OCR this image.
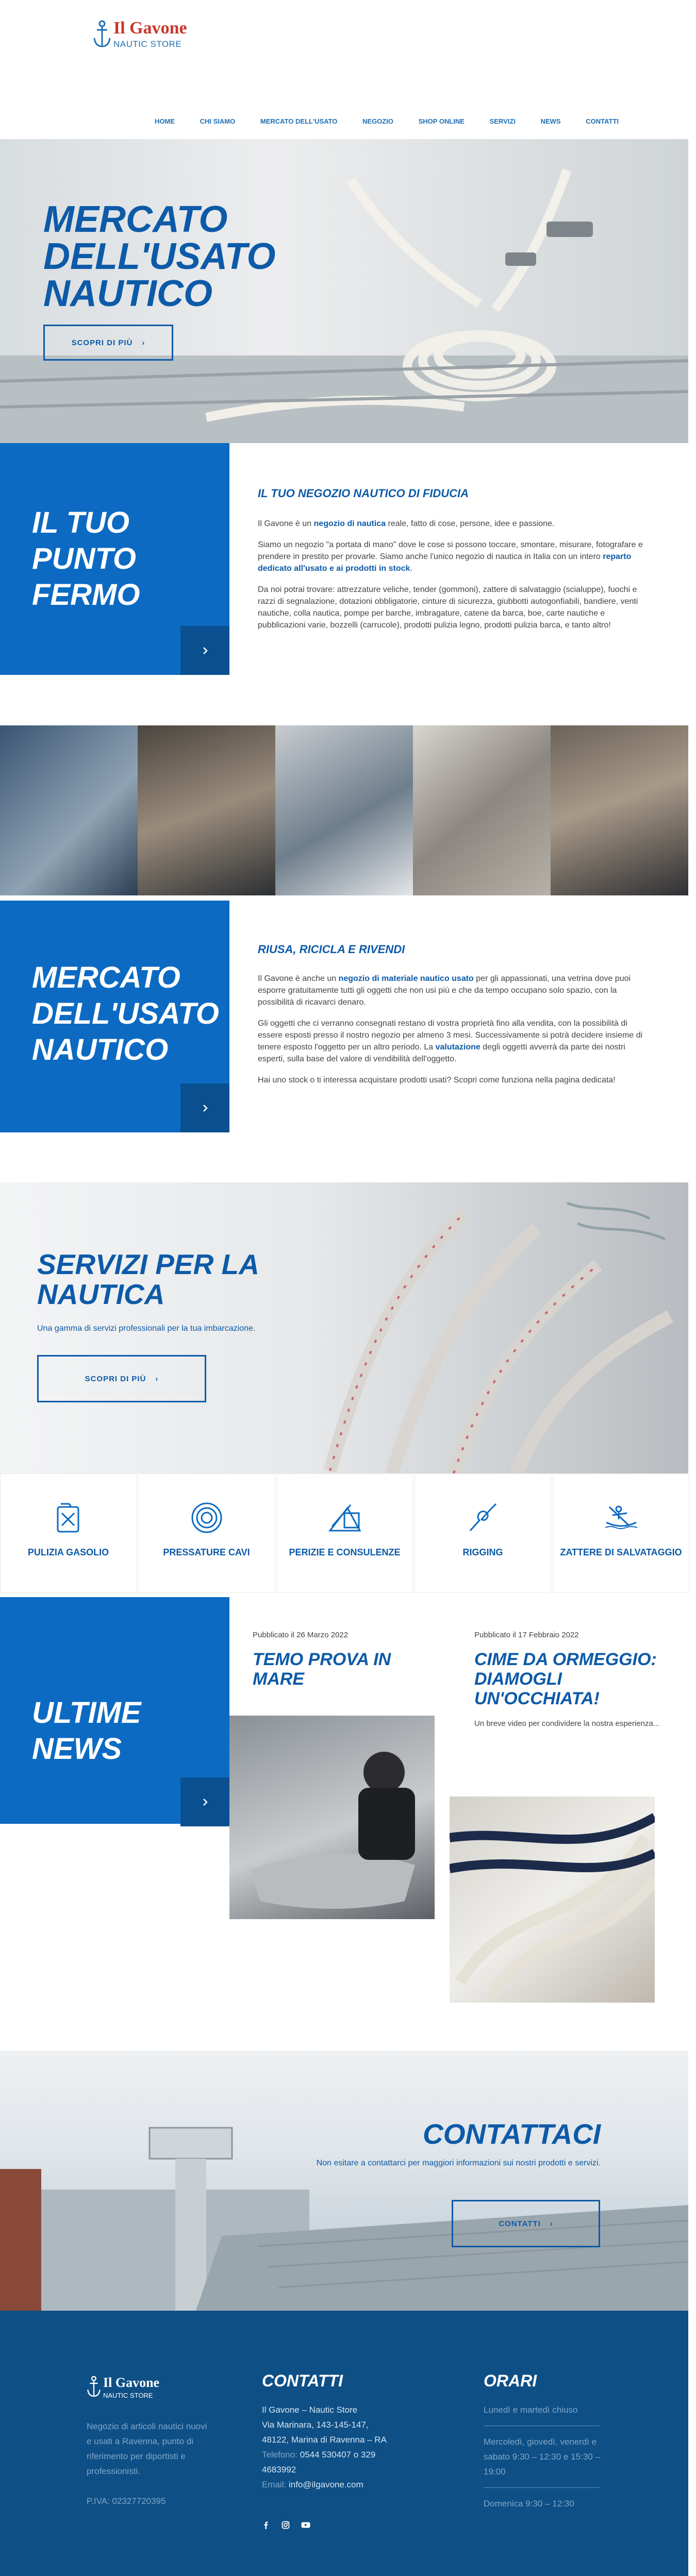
Il Gavone
NAUTIC STORE
HOME	CHI SIAMO	MERCATO DELL'USATO	NEGOZIO	SHOP ONLINE	SERVIZI	NEWS	CONTATTI
MERCATO DELL'USATO NAUTICO
SCOPRI DI PIÙ ›
IL TUO PUNTO FERMO
IL TUO NEGOZIO NAUTICO DI FIDUCIA

Il Gavone è un negozio di nautica reale, fatto di cose, persone, idee e passione.

Siamo un negozio "a portata di mano" dove le cose si possono toccare, smontare, misurare, fotografare e prendere in prestito per provarle. Siamo anche l'unico negozio di nautica in Italia con un intero reparto dedicato all'usato e ai prodotti in stock.

Da noi potrai trovare: attrezzature veliche, tender (gommoni), zattere di salvataggio (scialuppe), fuochi e razzi di segnalazione, dotazioni obbligatorie, cinture di sicurezza, giubbotti autogonfiabili, bandiere, venti nautiche, colla nautica, pompe per barche, imbragature, catene da barca, boe, carte nautiche e pubblicazioni varie, bozzelli (carrucole), prodotti pulizia legno, prodotti pulizia barca, e tanto altro!

MERCATO DELL'USATO NAUTICO
RIUSA, RICICLA E RIVENDI

Il Gavone è anche un negozio di materiale nautico usato per gli appassionati, una vetrina dove puoi esporre gratuitamente tutti gli oggetti che non usi più e che da tempo occupano solo spazio, con la possibilità di ricavarci denaro.

Gli oggetti che ci verranno consegnati restano di vostra proprietà fino alla vendita, con la possibilità di essere esposti presso il nostro negozio per almeno 3 mesi. Successivamente si potrà decidere insieme di tenere esposto l'oggetto per un altro periodo. La valutazione degli oggetti avverrà da parte dei nostri esperti, sulla base del valore di vendibilità dell'oggetto.

Hai uno stock o ti interessa acquistare prodotti usati? Scopri come funziona nella pagina dedicata!

SERVIZI PER LA NAUTICA
Una gamma di servizi professionali per la tua imbarcazione.
SCOPRI DI PIÙ ›
PULIZIA GASOLIO	PRESSATURE CAVI	PERIZIE E CONSULENZE	RIGGING	ZATTERE DI SALVATAGGIO
ULTIME NEWS
Pubblicato il 26 Marzo 2022
TEMO PROVA IN MARE
Pubblicato il 17 Febbraio 2022
CIME DA ORMEGGIO: DIAMOGLI UN'OCCHIATA!
Un breve video per condividere la nostra esperienza...
CONTATTACI
Non esitare a contattarci per maggiori informazioni sui nostri prodotti e servizi.
CONTATTI ›
Il Gavone
NAUTIC STORE
Negozio di articoli nautici nuovi e usati a Ravenna, punto di riferimento per diportisti e professionisti.
P.IVA: 02327720395
CONTATTI
Il Gavone – Nautic Store
Via Marinara, 143-145-147,
48122, Marina di Ravenna – RA
Telefono: 0544 530407 o 329 4683992
Email: info@ilgavone.com
ORARI
Lunedì e martedì chiuso
Mercoledì, giovedì, venerdì e sabato 9:30 – 12:30 e 15:30 – 19:00
Domenica 9:30 – 12:30
